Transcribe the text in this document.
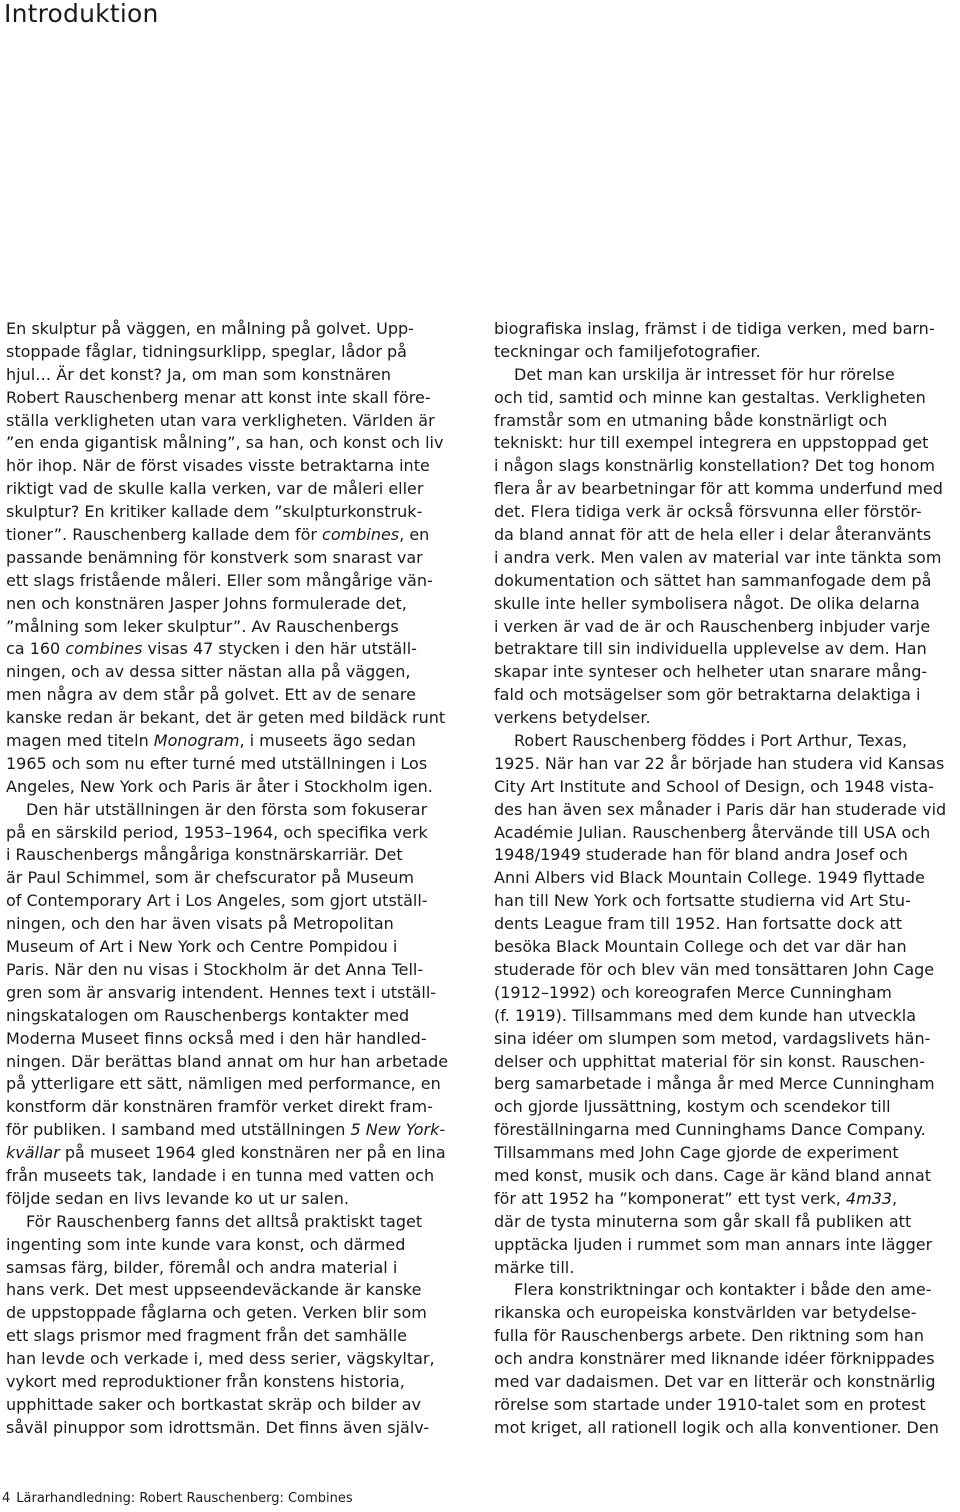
Introduktion
En skulptur på väggen, en målning på golvet. Upp-
stoppade fåglar, tidningsurklipp, speglar, lådor på
hjul… Är det konst? Ja, om man som konstnären
Robert Rauschenberg menar att konst inte skall före-
ställa verkligheten utan vara verkligheten. Världen är
”en enda gigantisk målning”, sa han, och konst och liv
hör ihop. När de först visades visste betraktarna inte
riktigt vad de skulle kalla verken, var de måleri eller
skulptur? En kritiker kallade dem ”skulpturkonstruk-
tioner”. Rauschenberg kallade dem för combines, en
passande benämning för konstverk som snarast var
ett slags fristående måleri. Eller som mångårige vän-
nen och konstnären Jasper Johns formulerade det,
”målning som leker skulptur”. Av Rauschenbergs
ca 160 combines visas 47 stycken i den här utställ-
ningen, och av dessa sitter nästan alla på väggen,
men några av dem står på golvet. Ett av de senare
kanske redan är bekant, det är geten med bildäck runt
magen med titeln Monogram, i museets ägo sedan
1965 och som nu efter turné med utställningen i Los
Angeles, New York och Paris är åter i Stockholm igen.
Den här utställningen är den första som fokuserar
på en särskild period, 1953–1964, och specifika verk
i Rauschenbergs mångåriga konstnärskarriär. Det
är Paul Schimmel, som är chefscurator på Museum
of Contemporary Art i Los Angeles, som gjort utställ-
ningen, och den har även visats på Metropolitan
Museum of Art i New York och Centre Pompidou i
Paris. När den nu visas i Stockholm är det Anna Tell-
gren som är ansvarig intendent. Hennes text i utställ-
ningskatalogen om Rauschenbergs kontakter med
Moderna Museet finns också med i den här handled-
ningen. Där berättas bland annat om hur han arbetade
på ytterligare ett sätt, nämligen med performance, en
konstform där konstnären framför verket direkt fram-
för publiken. I samband med utställningen 5 New York-
kvällar på museet 1964 gled konstnären ner på en lina
från museets tak, landade i en tunna med vatten och
följde sedan en livs levande ko ut ur salen.
För Rauschenberg fanns det alltså praktiskt taget
ingenting som inte kunde vara konst, och därmed
samsas färg, bilder, föremål och andra material i
hans verk. Det mest uppseendeväckande är kanske
de uppstoppade fåglarna och geten. Verken blir som
ett slags prismor med fragment från det samhälle
han levde och verkade i, med dess serier, vägskyltar,
vykort med reproduktioner från konstens historia,
upphittade saker och bortkastat skräp och bilder av
såväl pinuppor som idrottsmän. Det finns även själv-
biografiska inslag, främst i de tidiga verken, med barn-
teckningar och familjefotografier.
Det man kan urskilja är intresset för hur rörelse
och tid, samtid och minne kan gestaltas. Verkligheten
framstår som en utmaning både konstnärligt och
tekniskt: hur till exempel integrera en uppstoppad get
i någon slags konstnärlig konstellation? Det tog honom
flera år av bearbetningar för att komma underfund med
det. Flera tidiga verk är också försvunna eller förstör-
da bland annat för att de hela eller i delar återanvänts
i andra verk. Men valen av material var inte tänkta som
dokumentation och sättet han sammanfogade dem på
skulle inte heller symbolisera något. De olika delarna
i verken är vad de är och Rauschenberg inbjuder varje
betraktare till sin individuella upplevelse av dem. Han
skapar inte synteser och helheter utan snarare mång-
fald och motsägelser som gör betraktarna delaktiga i
verkens betydelser.
Robert Rauschenberg föddes i Port Arthur, Texas,
1925. När han var 22 år började han studera vid Kansas
City Art Institute and School of Design, och 1948 vista-
des han även sex månader i Paris där han studerade vid
Académie Julian. Rauschenberg återvände till USA och
1948/1949 studerade han för bland andra Josef och
Anni Albers vid Black Mountain College. 1949 flyttade
han till New York och fortsatte studierna vid Art Stu-
dents League fram till 1952. Han fortsatte dock att
besöka Black Mountain College och det var där han
studerade för och blev vän med tonsättaren John Cage
(1912–1992) och koreografen Merce Cunningham
(f. 1919). Tillsammans med dem kunde han utveckla
sina idéer om slumpen som metod, vardagslivets hän-
delser och upphittat material för sin konst. Rauschen-
berg samarbetade i många år med Merce Cunningham
och gjorde ljussättning, kostym och scendekor till
föreställningarna med Cunninghams Dance Company.
Tillsammans med John Cage gjorde de experiment
med konst, musik och dans. Cage är känd bland annat
för att 1952 ha ”komponerat” ett tyst verk, 4m33,
där de tysta minuterna som går skall få publiken att
upptäcka ljuden i rummet som man annars inte lägger
märke till.
Flera konstriktningar och kontakter i både den ame-
rikanska och europeiska konstvärlden var betydelse-
fulla för Rauschenbergs arbete. Den riktning som han
och andra konstnärer med liknande idéer förknippades
med var dadaismen. Det var en litterär och konstnärlig
rörelse som startade under 1910-talet som en protest
mot kriget, all rationell logik och alla konventioner. Den
4 Lärarhandledning: Robert Rauschenberg: Combines
